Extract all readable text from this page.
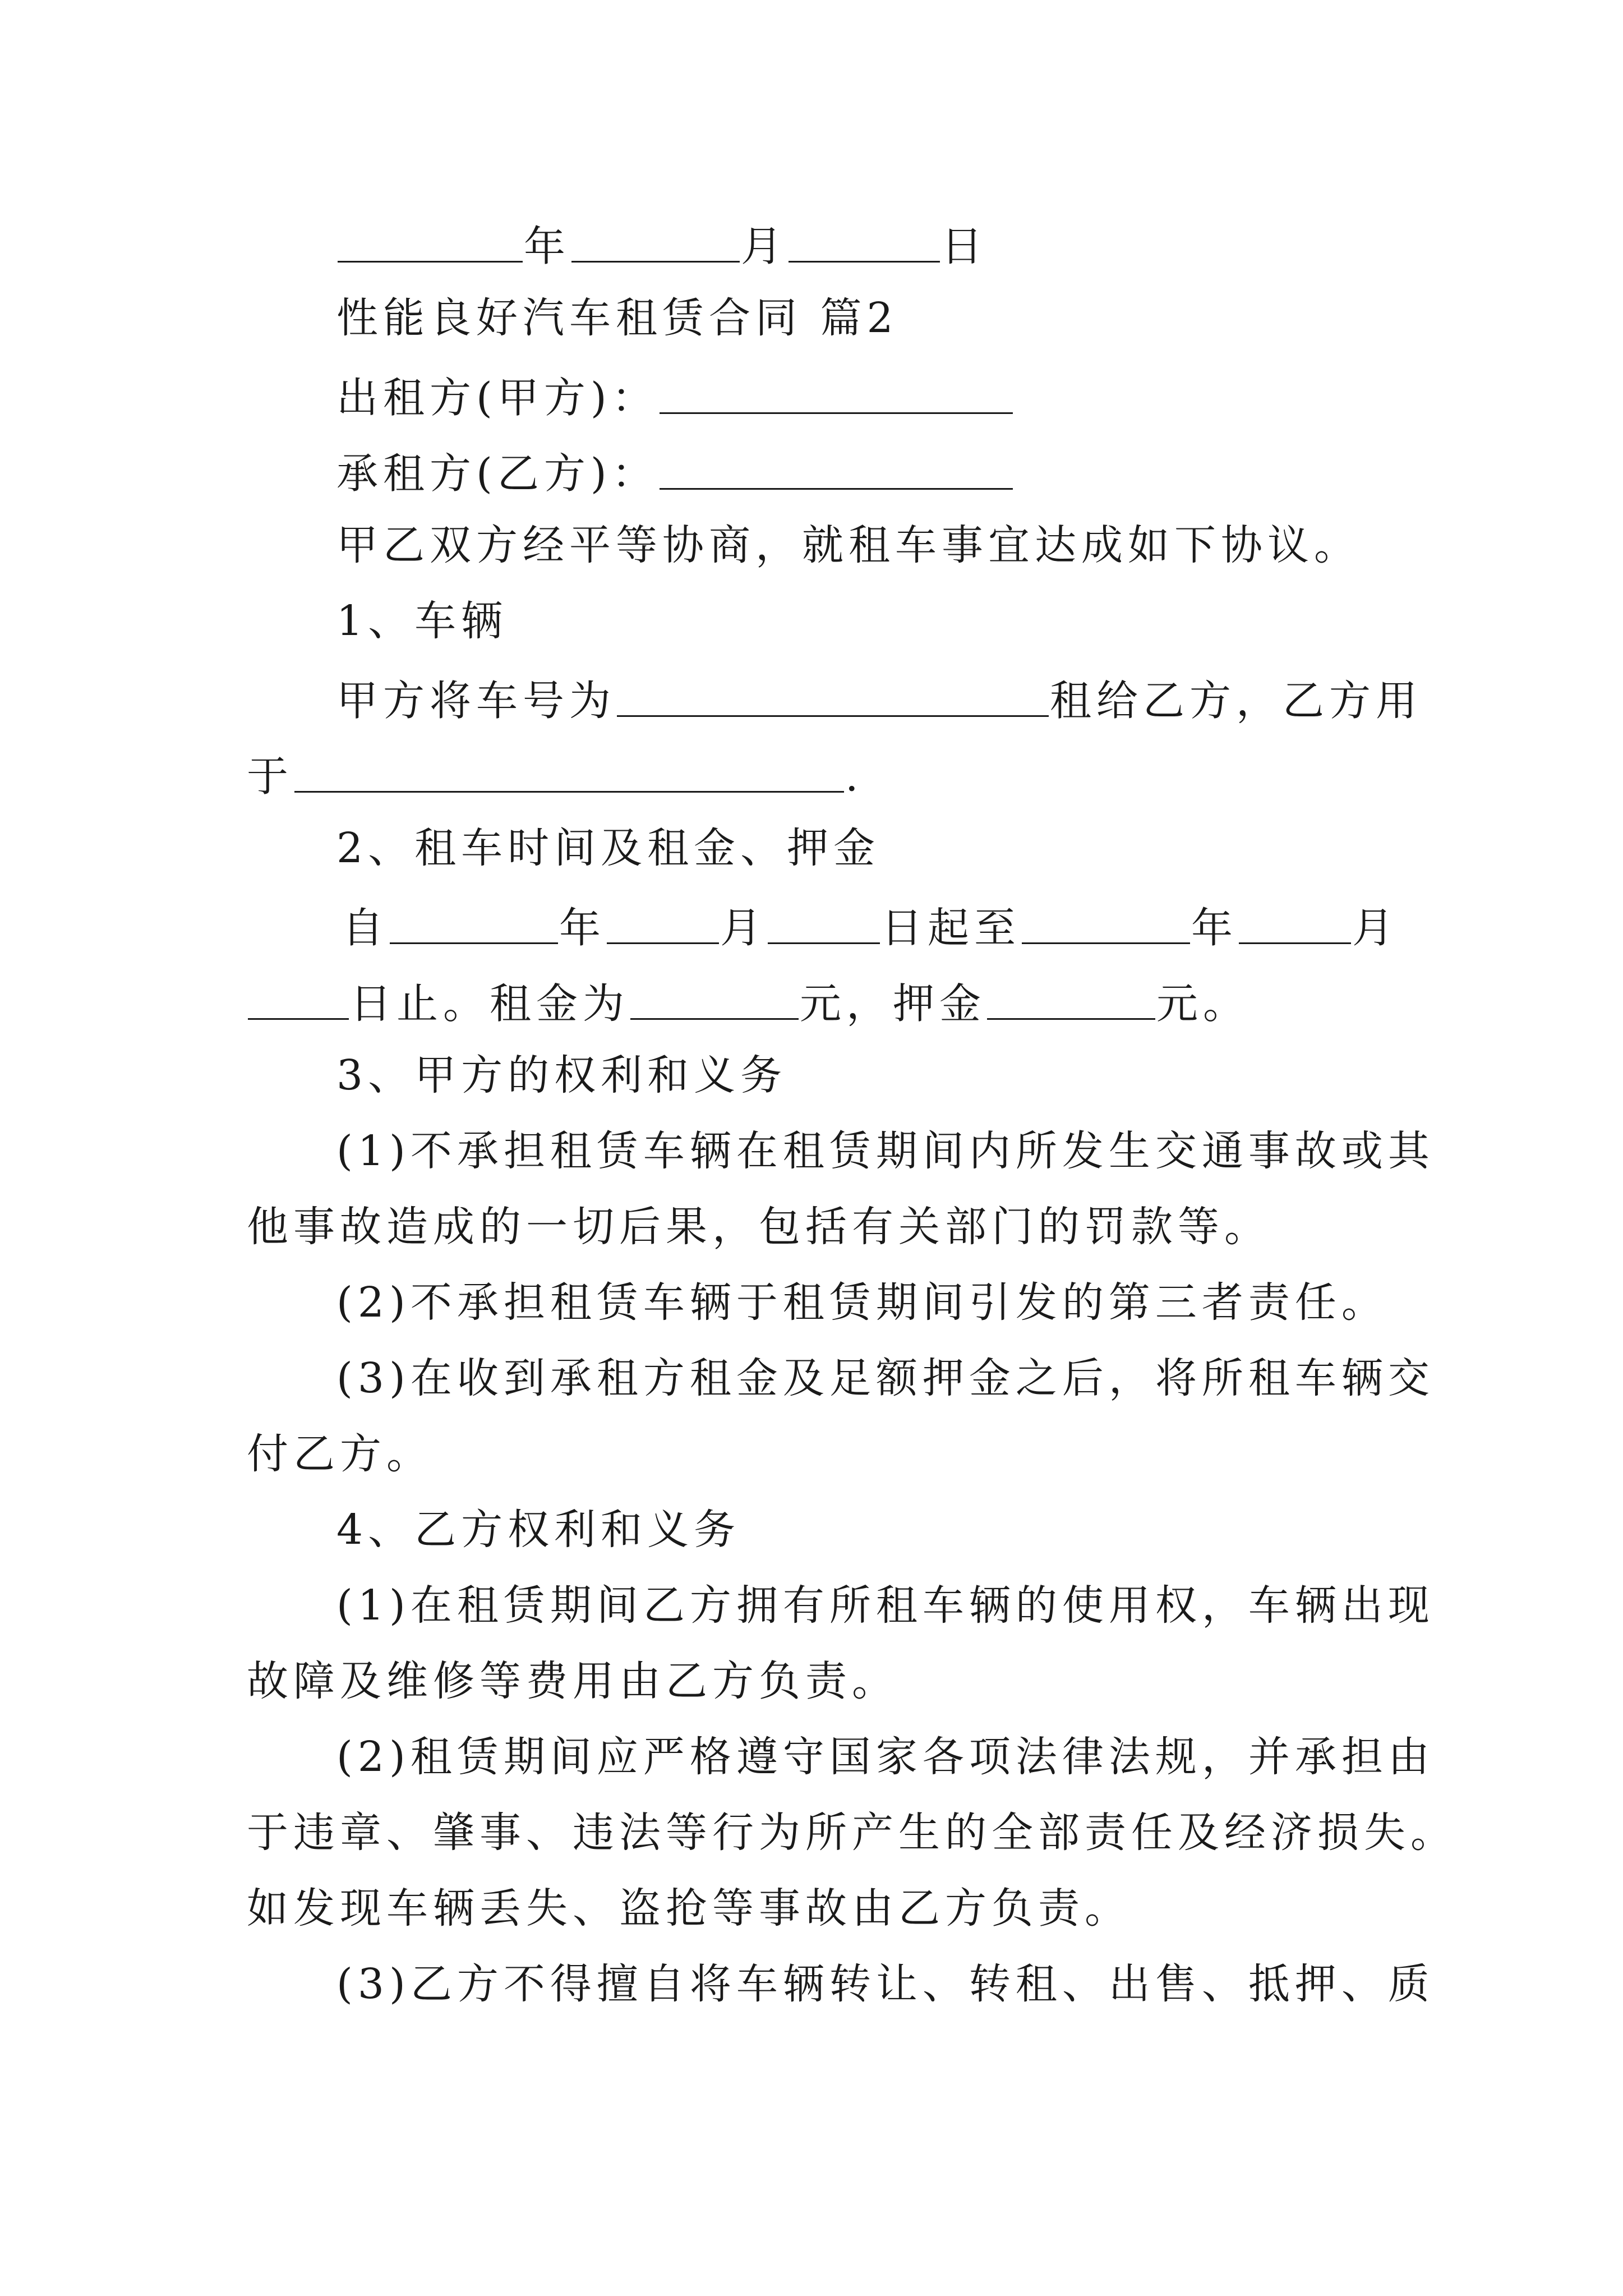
年	月	日
性能良好汽车租赁合同 篇2
出租方(甲方)：
承租方(乙方)：
甲乙双方经平等协商，就租车事宜达成如下协议。
1、车辆
甲方将车号为	租给乙方，乙方用
于	.
2、租车时间及租金、押金
自	年	月	日起至	年	月
日止。租金为	元，押金	元。
3、甲方的权利和义务
(1)不承担租赁车辆在租赁期间内所发生交通事故或其
他事故造成的一切后果，包括有关部门的罚款等。
(2)不承担租赁车辆于租赁期间引发的第三者责任。
(3)在收到承租方租金及足额押金之后，将所租车辆交
付乙方。
4、乙方权利和义务
(1)在租赁期间乙方拥有所租车辆的使用权，车辆出现
故障及维修等费用由乙方负责。
(2)租赁期间应严格遵守国家各项法律法规，并承担由
于违章、肇事、违法等行为所产生的全部责任及经济损失。
如发现车辆丢失、盗抢等事故由乙方负责。
(3)乙方不得擅自将车辆转让、转租、出售、抵押、质
